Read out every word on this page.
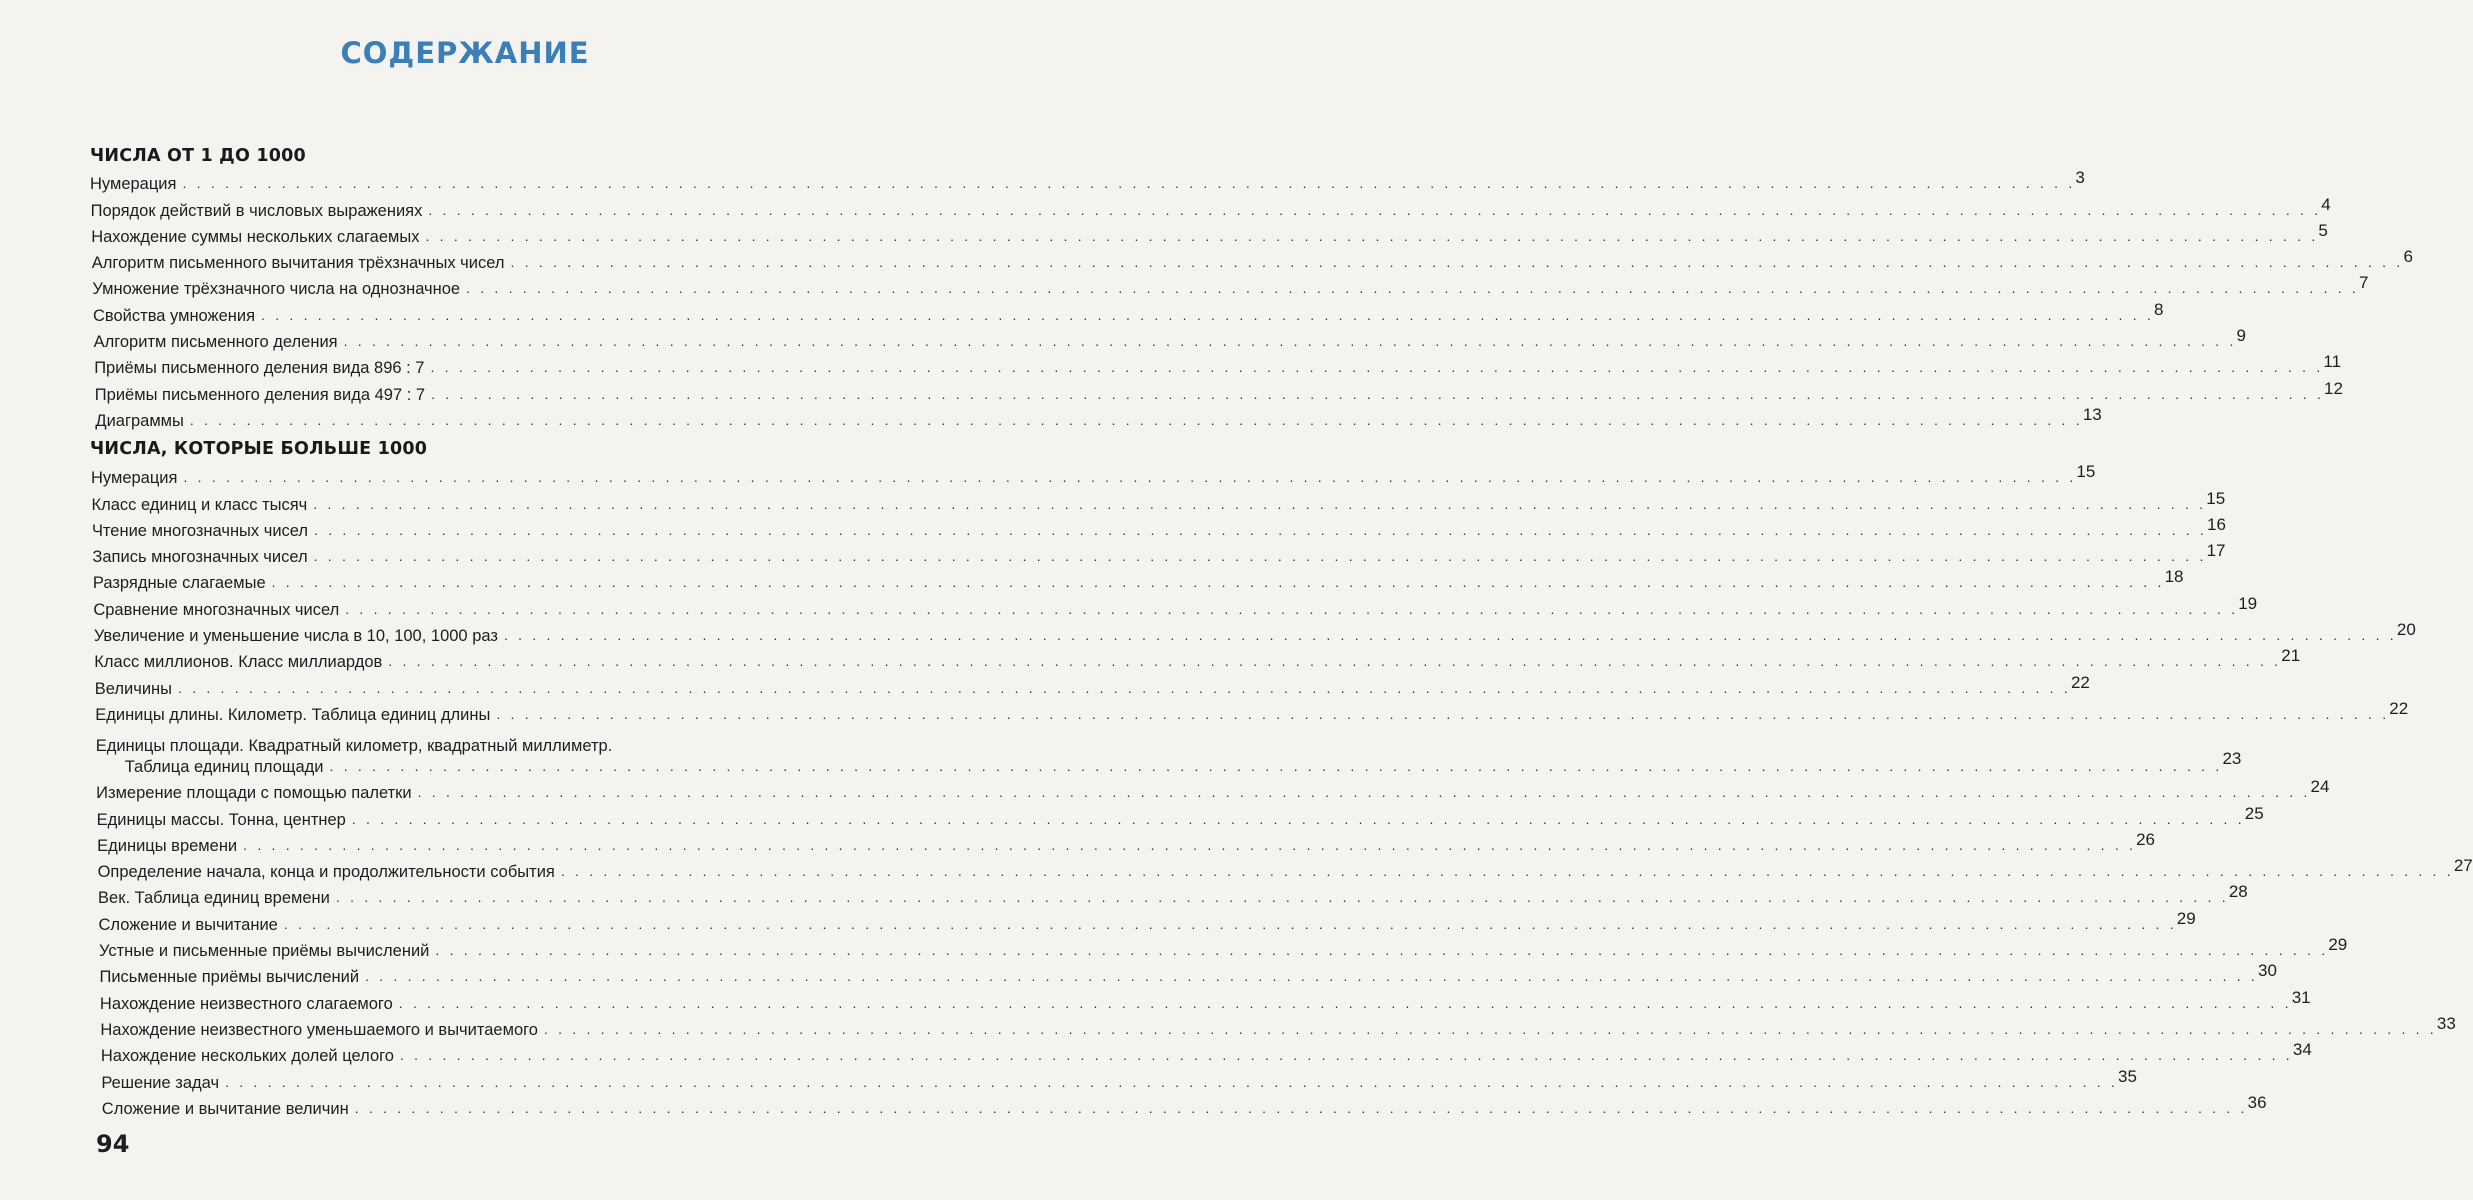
СОДЕРЖАНИЕ
ЧИСЛА ОТ 1 ДО 1000
Нумерация . . .	3
Порядок действий в числовых выражениях . . .	4
Нахождение суммы нескольких слагаемых . . .	5
Алгоритм письменного вычитания трёхзначных чисел . . .	6
Умножение трёхзначного числа на однозначное . . .	7
Свойства умножения . . .	8
Алгоритм письменного деления . . .	9
Приёмы письменного деления вида 896 : 7 . . .	11
Приёмы письменного деления вида 497 : 7 . . .	12
Диаграммы . . .	13
ЧИСЛА, КОТОРЫЕ БОЛЬШЕ 1000
Нумерация . . .	15
Класс единиц и класс тысяч . . .	15
Чтение многозначных чисел . . .	16
Запись многозначных чисел . . .	17
Разрядные слагаемые . . .	18
Сравнение многозначных чисел . . .	19
Увеличение и уменьшение числа в 10, 100, 1000 раз . . .	20
Класс миллионов. Класс миллиардов . . .	21
Величины . . .	22
Единицы длины. Километр. Таблица единиц длины . . .	22
Единицы площади. Квадратный километр, квадратный миллиметр.
Таблица единиц площади . . .	23
Измерение площади с помощью палетки . . .	24
Единицы массы. Тонна, центнер . . .	25
Единицы времени . . .	26
Определение начала, конца и продолжительности события . . .	27
Век. Таблица единиц времени . . .	28
Сложение и вычитание . . .	29
Устные и письменные приёмы вычислений . . .	29
Письменные приёмы вычислений . . .	30
Нахождение неизвестного слагаемого . . .	31
Нахождение неизвестного уменьшаемого и вычитаемого . . .	33
Нахождение нескольких долей целого . . .	34
Решение задач . . .	35
Сложение и вычитание величин . . .	36
94
